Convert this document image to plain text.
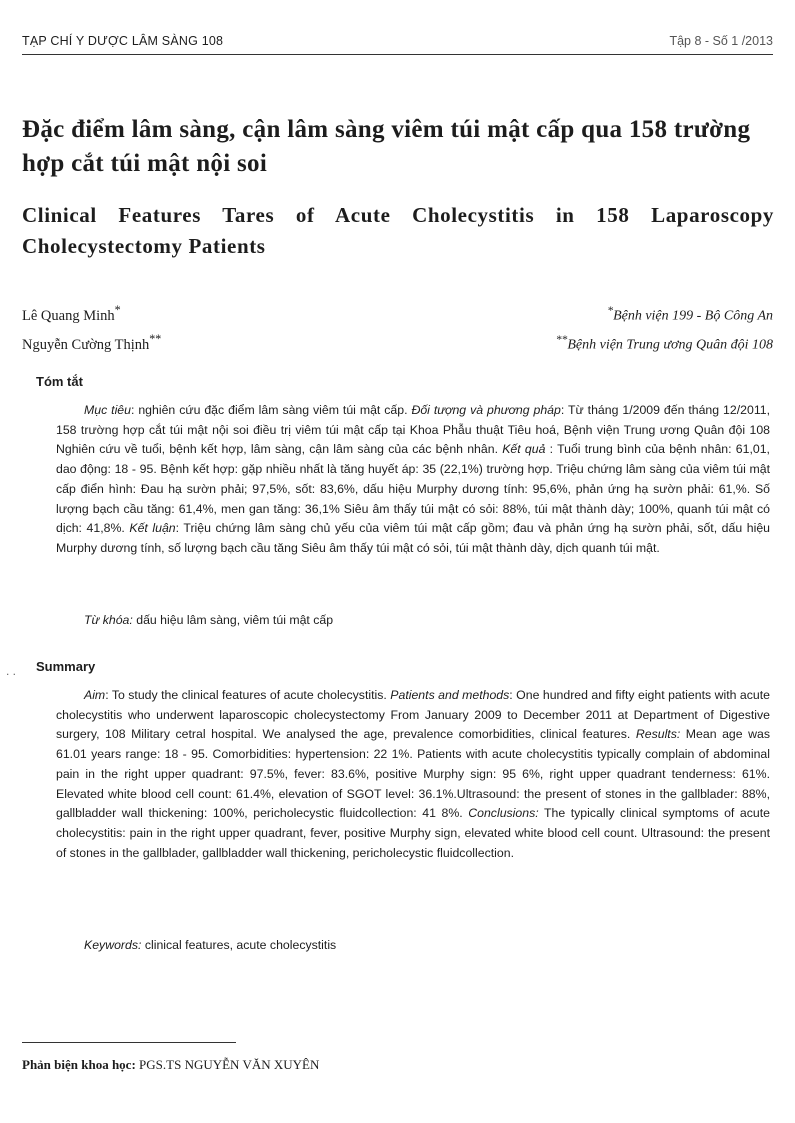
TẠP CHÍ Y DƯỢC LÂM SÀNG 108	Tập 8 - Số 1 /2013
Đặc điểm lâm sàng, cận lâm sàng viêm túi mật cấp qua 158 trường hợp cắt túi mật nội soi
Clinical Features Tares of Acute Cholecystitis in 158 Laparoscopy Cholecystectomy Patients
Lê Quang Minh*
Nguyễn Cường Thịnh**
*Bệnh viện 199 - Bộ Công An
**Bệnh viện Trung ương Quân đội 108
Tóm tắt

Mục tiêu: nghiên cứu đặc điểm lâm sàng viêm túi mật cấp. Đối tượng và phương pháp: Từ tháng 1/2009 đến tháng 12/2011, 158 trường hợp cắt túi mật nội soi điều trị viêm túi mật cấp tại Khoa Phẫu thuật Tiêu hoá, Bệnh viện Trung ương Quân đội 108 Nghiên cứu về tuổi, bệnh kết hợp, lâm sàng, cận lâm sàng của các bệnh nhân. Kết quả : Tuổi trung bình của bệnh nhân: 61,01, dao động: 18 - 95. Bệnh kết hợp: gặp nhiều nhất là tăng huyết áp: 35 (22,1%) trường hợp. Triệu chứng lâm sàng của viêm túi mật cấp điển hình: Đau hạ sườn phải; 97,5%, sốt: 83,6%, dấu hiệu Murphy dương tính: 95,6%, phản ứng hạ sườn phải: 61,%. Số lượng bạch cầu tăng: 61,4%, men gan tăng: 36,1% Siêu âm thấy túi mật có sỏi: 88%, túi mật thành dày; 100%, quanh túi mật có dịch: 41,8%. Kết luận: Triệu chứng lâm sàng chủ yếu của viêm túi mật cấp gồm; đau và phản ứng hạ sườn phải, sốt, dấu hiệu Murphy dương tính, số lượng bạch cầu tăng Siêu âm thấy túi mật có sỏi, túi mật thành dày, dịch quanh túi mật.

Từ khóa: dấu hiệu lâm sàng, viêm túi mật cấp
. . Summary

Aim: To study the clinical features of acute cholecystitis. Patients and methods: One hundred and fifty eight patients with acute cholecystitis who underwent laparoscopic cholecystectomy From January 2009 to December 2011 at Department of Digestive surgery, 108 Military cetral hospital. We analysed the age, prevalence comorbidities, clinical features. Results: Mean age was 61.01 years range: 18 - 95. Comorbidities: hypertension: 22 1%. Patients with acute cholecystitis typically complain of abdominal pain in the right upper quadrant: 97.5%, fever: 83.6%, positive Murphy sign: 95 6%, right upper quadrant tenderness: 61%. Elevated white blood cell count: 61.4%, elevation of SGOT level: 36.1%.Ultrasound: the present of stones in the gallblader: 88%, gallbladder wall thickening: 100%, pericholecystic fluidcollection: 41 8%. Conclusions: The typically clinical symptoms of acute cholecystitis: pain in the right upper quadrant, fever, positive Murphy sign, elevated white blood cell count. Ultrasound: the present of stones in the gallblader, gallbladder wall thickening, pericholecystic fluidcollection.

Keywords: clinical features, acute cholecystitis
Phản biện khoa học: PGS.TS NGUYỄN VĂN XUYÊN
